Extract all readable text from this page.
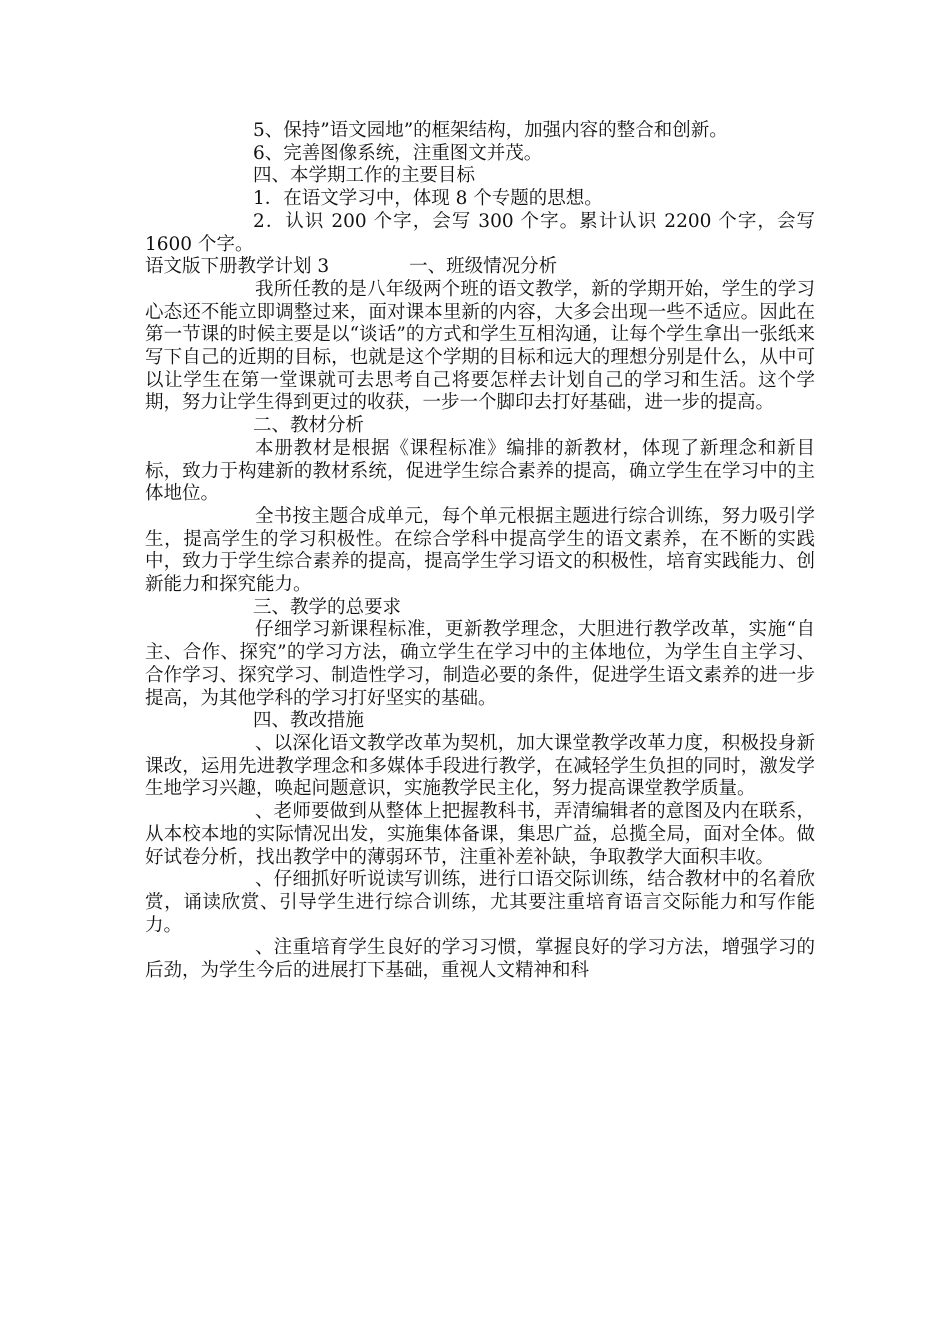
5、保持”语文园地”的框架结构，加强内容的整合和创新。

6、完善图像系统，注重图文并茂。

四、本学期工作的主要目标

1．在语文学习中，体现 8 个专题的思想。

2．认识 200 个字，会写 300 个字。累计认识 2200 个字，会写 1600 个字。

语文版下册教学计划 3	一、班级情况分析

我所任教的是八年级两个班的语文教学，新的学期开始，学生的学习心态还不能立即调整过来，面对课本里新的内容，大多会出现一些不适应。因此在第一节课的时候主要是以“谈话”的方式和学生互相沟通，让每个学生拿出一张纸来写下自己的近期的目标，也就是这个学期的目标和远大的理想分别是什么，从中可以让学生在第一堂课就可去思考自己将要怎样去计划自己的学习和生活。这个学期，努力让学生得到更过的收获，一步一个脚印去打好基础，进一步的提高。

二、教材分析

本册教材是根据《课程标准》编排的新教材，体现了新理念和新目标，致力于构建新的教材系统，促进学生综合素养的提高，确立学生在学习中的主体地位。

全书按主题合成单元，每个单元根据主题进行综合训练，努力吸引学生，提高学生的学习积极性。在综合学科中提高学生的语文素养，在不断的实践中，致力于学生综合素养的提高，提高学生学习语文的积极性，培育实践能力、创新能力和探究能力。

三、教学的总要求

仔细学习新课程标准，更新教学理念，大胆进行教学改革，实施“自主、合作、探究”的学习方法，确立学生在学习中的主体地位，为学生自主学习、合作学习、探究学习、制造性学习，制造必要的条件，促进学生语文素养的进一步提高，为其他学科的学习打好坚实的基础。

四、教改措施

、以深化语文教学改革为契机，加大课堂教学改革力度，积极投身新课改，运用先进教学理念和多媒体手段进行教学，在减轻学生负担的同时，激发学生地学习兴趣，唤起问题意识，实施教学民主化，努力提高课堂教学质量。

、老师要做到从整体上把握教科书，弄清编辑者的意图及内在联系，从本校本地的实际情况出发，实施集体备课，集思广益，总揽全局，面对全体。做好试卷分析，找出教学中的薄弱环节，注重补差补缺，争取教学大面积丰收。

、仔细抓好听说读写训练，进行口语交际训练，结合教材中的名着欣赏，诵读欣赏、引导学生进行综合训练，尤其要注重培育语言交际能力和写作能力。

、注重培育学生良好的学习习惯，掌握良好的学习方法，增强学习的后劲，为学生今后的进展打下基础，重视人文精神和科
